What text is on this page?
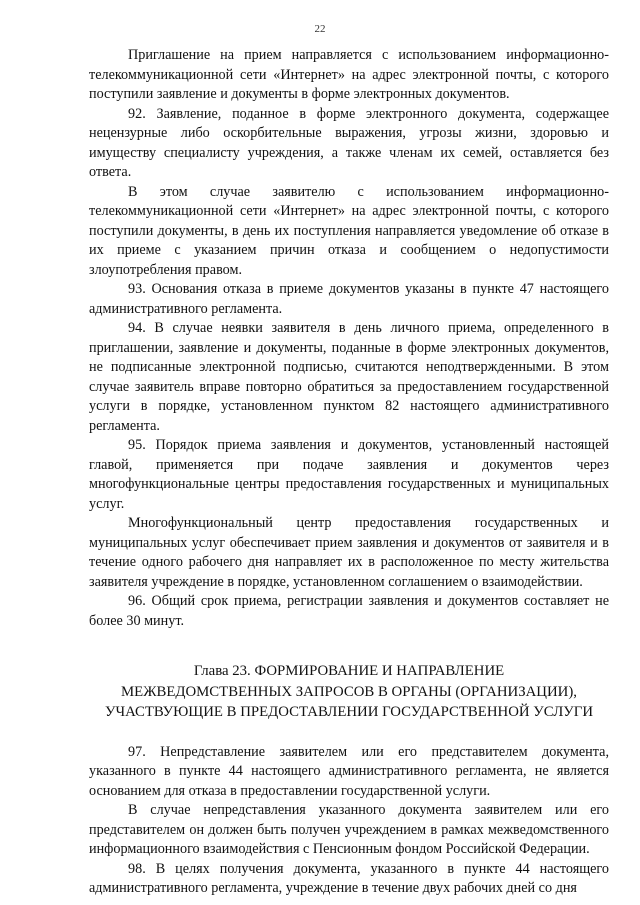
22

Приглашение на прием направляется с использованием информационно-телекоммуникационной сети «Интернет» на адрес электронной почты, с которого поступили заявление и документы в форме электронных документов.

92. Заявление, поданное в форме электронного документа, содержащее нецензурные либо оскорбительные выражения, угрозы жизни, здоровью и имуществу специалисту учреждения, а также членам их семей, оставляется без ответа.

В этом случае заявителю с использованием информационно-телекоммуникационной сети «Интернет» на адрес электронной почты, с которого поступили документы, в день их поступления направляется уведомление об отказе в их приеме с указанием причин отказа и сообщением о недопустимости злоупотребления правом.

93. Основания отказа в приеме документов указаны в пункте 47 настоящего административного регламента.

94. В случае неявки заявителя в день личного приема, определенного в приглашении, заявление и документы, поданные в форме электронных документов, не подписанные электронной подписью, считаются неподтвержденными. В этом случае заявитель вправе повторно обратиться за предоставлением государственной услуги в порядке, установленном пунктом 82 настоящего административного регламента.

95. Порядок приема заявления и документов, установленный настоящей главой, применяется при подаче заявления и документов через многофункциональные центры предоставления государственных и муниципальных услуг.

Многофункциональный центр предоставления государственных и муниципальных услуг обеспечивает прием заявления и документов от заявителя и в течение одного рабочего дня направляет их в расположенное по месту жительства заявителя учреждение в порядке, установленном соглашением о взаимодействии.

96. Общий срок приема, регистрации заявления и документов составляет не более 30 минут.

Глава 23. ФОРМИРОВАНИЕ И НАПРАВЛЕНИЕ
МЕЖВЕДОМСТВЕННЫХ ЗАПРОСОВ В ОРГАНЫ (ОРГАНИЗАЦИИ),
УЧАСТВУЮЩИЕ В ПРЕДОСТАВЛЕНИИ ГОСУДАРСТВЕННОЙ УСЛУГИ

97. Непредставление заявителем или его представителем документа, указанного в пункте 44 настоящего административного регламента, не является основанием для отказа в предоставлении государственной услуги.

В случае непредставления указанного документа заявителем или его представителем он должен быть получен учреждением в рамках межведомственного информационного взаимодействия с Пенсионным фондом Российской Федерации.

98. В целях получения документа, указанного в пункте 44 настоящего административного регламента, учреждение в течение двух рабочих дней со дня
